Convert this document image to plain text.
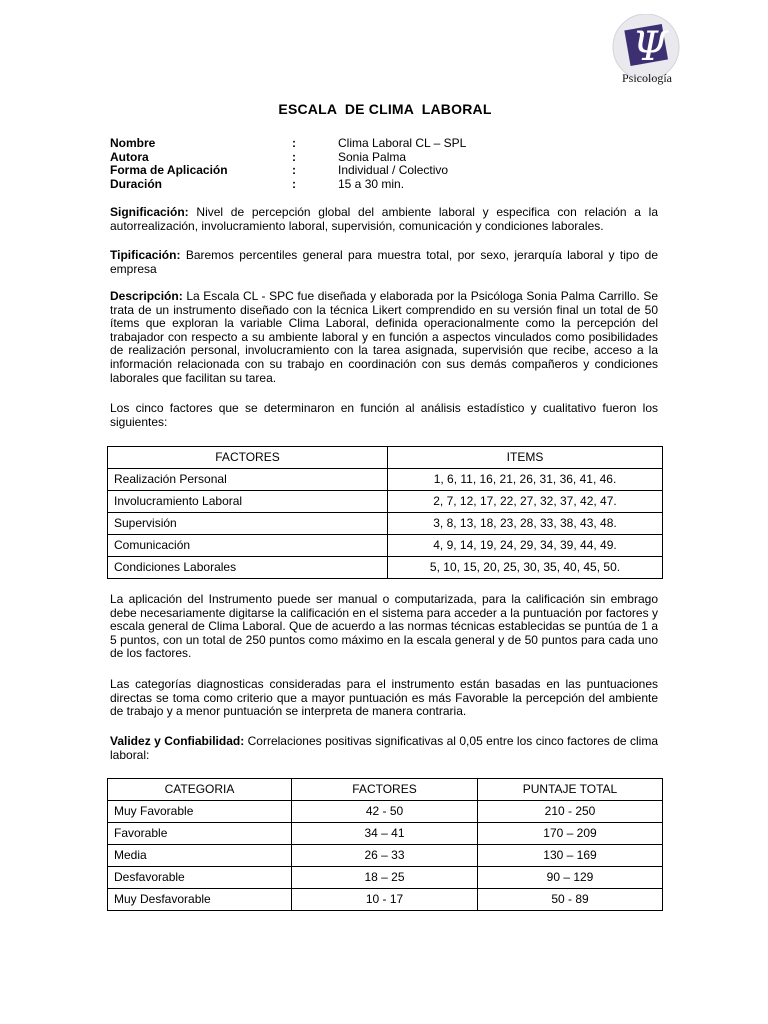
Ψ
Psicología
ESCALA  DE CLIMA  LABORAL
Nombre	:	Clima Laboral CL – SPL
Autora	:	Sonia Palma
Forma de Aplicación	:	Individual / Colectivo
Duración	:	15 a 30 min.

Significación: Nivel de percepción global del ambiente laboral y especifica con relación a la autorrealización, involucramiento laboral, supervisión, comunicación y condiciones laborales.

Tipificación: Baremos percentiles general para muestra total, por sexo, jerarquía laboral y tipo de empresa

Descripción: La Escala CL - SPC fue diseñada y elaborada por la Psicóloga Sonia Palma Carrillo. Se trata de un instrumento diseñado con la técnica Likert comprendido en su versión final un total de 50 ítems que exploran la variable Clima Laboral, definida operacionalmente como la percepción del trabajador con respecto a su ambiente laboral y en función a aspectos vinculados como posibilidades de realización personal, involucramiento con la tarea asignada, supervisión que recibe, acceso a la información relacionada con su trabajo en coordinación con sus demás compañeros y condiciones laborales que facilitan su tarea.

Los cinco factores que se determinaron en función al análisis estadístico y cualitativo fueron los siguientes:

FACTORES	ITEMS
Realización Personal	1, 6, 11, 16, 21, 26, 31, 36, 41, 46.
Involucramiento Laboral	2, 7, 12, 17, 22, 27, 32, 37, 42, 47.
Supervisión	3, 8, 13, 18, 23, 28, 33, 38, 43, 48.
Comunicación	4, 9, 14, 19, 24, 29, 34, 39, 44, 49.
Condiciones Laborales	5, 10, 15, 20, 25, 30, 35, 40, 45, 50.

La aplicación del Instrumento puede ser manual o computarizada, para la calificación sin embrago debe necesariamente digitarse la calificación en el sistema para acceder a la puntuación por factores y escala general de Clima Laboral. Que de acuerdo a las normas técnicas establecidas se puntúa de 1 a 5 puntos, con un total de 250 puntos como máximo en la escala general y de 50 puntos para cada uno de los factores.

Las categorías diagnosticas consideradas para el instrumento están basadas en las puntuaciones directas se toma como criterio que a mayor puntuación es más Favorable la percepción del ambiente de trabajo y a menor puntuación se interpreta de manera contraria.

Validez y Confiabilidad: Correlaciones positivas significativas al 0,05 entre los cinco factores de clima laboral:

CATEGORIA	FACTORES	PUNTAJE TOTAL
Muy Favorable	42 - 50	210 - 250
Favorable	34 – 41	170 – 209
Media	26 – 33	130 – 169
Desfavorable	18 – 25	90 – 129
Muy Desfavorable	10 - 17	50 - 89
